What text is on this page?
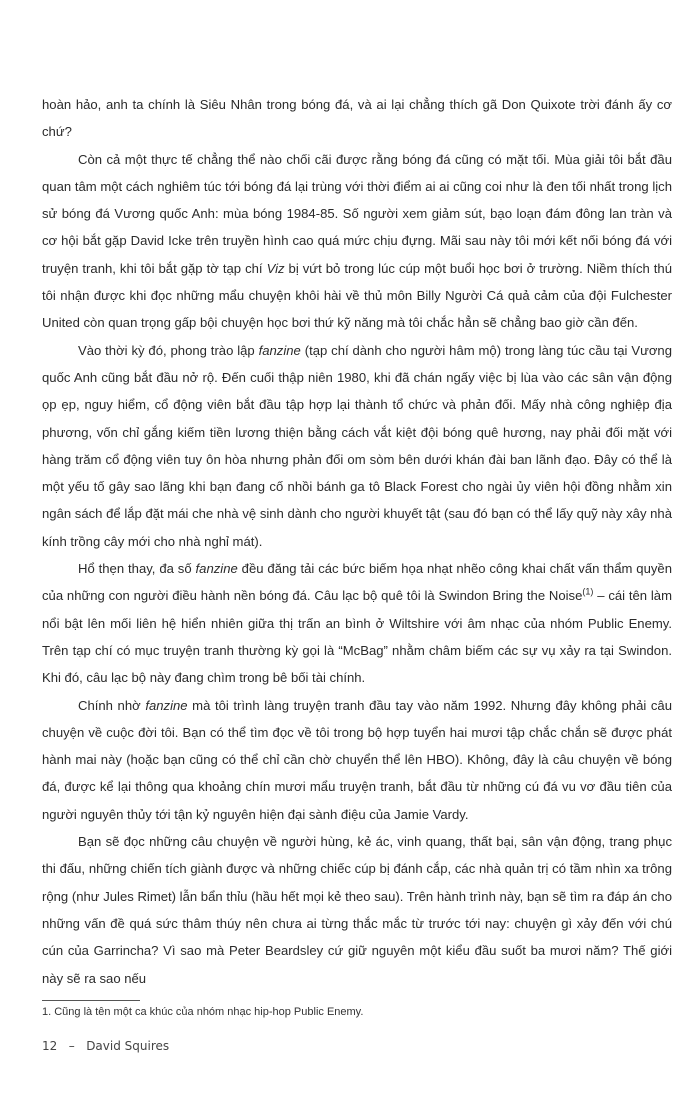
hoàn hảo, anh ta chính là Siêu Nhân trong bóng đá, và ai lại chẳng thích gã Don Quixote trời đánh ấy cơ chứ?

Còn cả một thực tế chẳng thể nào chối cãi được rằng bóng đá cũng có mặt tối. Mùa giải tôi bắt đầu quan tâm một cách nghiêm túc tới bóng đá lại trùng với thời điểm ai ai cũng coi như là đen tối nhất trong lịch sử bóng đá Vương quốc Anh: mùa bóng 1984-85. Số người xem giảm sút, bạo loạn đám đông lan tràn và cơ hội bắt gặp David Icke trên truyền hình cao quá mức chịu đựng. Mãi sau này tôi mới kết nối bóng đá với truyện tranh, khi tôi bắt gặp tờ tạp chí Viz bị vứt bỏ trong lúc cúp một buổi học bơi ở trường. Niềm thích thú tôi nhận được khi đọc những mẩu chuyện khôi hài về thủ môn Billy Người Cá quả cảm của đội Fulchester United còn quan trọng gấp bội chuyện học bơi thứ kỹ năng mà tôi chắc hẳn sẽ chẳng bao giờ cần đến.

Vào thời kỳ đó, phong trào lập fanzine (tạp chí dành cho người hâm mộ) trong làng túc cầu tại Vương quốc Anh cũng bắt đầu nở rộ. Đến cuối thập niên 1980, khi đã chán ngấy việc bị lùa vào các sân vận động ọp ẹp, nguy hiểm, cổ động viên bắt đầu tập hợp lại thành tổ chức và phản đối. Mấy nhà công nghiệp địa phương, vốn chỉ gắng kiếm tiền lương thiện bằng cách vắt kiệt đội bóng quê hương, nay phải đối mặt với hàng trăm cổ động viên tuy ôn hòa nhưng phản đối om sòm bên dưới khán đài ban lãnh đạo. Đây có thể là một yếu tố gây sao lãng khi bạn đang cố nhồi bánh ga tô Black Forest cho ngài ủy viên hội đồng nhằm xin ngân sách để lắp đặt mái che nhà vệ sinh dành cho người khuyết tật (sau đó bạn có thể lấy quỹ này xây nhà kính trồng cây mới cho nhà nghỉ mát).

Hổ thẹn thay, đa số fanzine đều đăng tải các bức biếm họa nhạt nhẽo công khai chất vấn thẩm quyền của những con người điều hành nền bóng đá. Câu lạc bộ quê tôi là Swindon Bring the Noise$^{(1)}$ – cái tên làm nổi bật lên mối liên hệ hiển nhiên giữa thị trấn an bình ở Wiltshire với âm nhạc của nhóm Public Enemy. Trên tạp chí có mục truyện tranh thường kỳ gọi là “McBag” nhằm châm biếm các sự vụ xảy ra tại Swindon. Khi đó, câu lạc bộ này đang chìm trong bê bối tài chính.

Chính nhờ fanzine mà tôi trình làng truyện tranh đầu tay vào năm 1992. Nhưng đây không phải câu chuyện về cuộc đời tôi. Bạn có thể tìm đọc về tôi trong bộ hợp tuyển hai mươi tập chắc chắn sẽ được phát hành mai này (hoặc bạn cũng có thể chỉ cần chờ chuyển thể lên HBO). Không, đây là câu chuyện về bóng đá, được kể lại thông qua khoảng chín mươi mẩu truyện tranh, bắt đầu từ những cú đá vu vơ đầu tiên của người nguyên thủy tới tận kỷ nguyên hiện đại sành điệu của Jamie Vardy.

Bạn sẽ đọc những câu chuyện về người hùng, kẻ ác, vinh quang, thất bại, sân vận động, trang phục thi đấu, những chiến tích giành được và những chiếc cúp bị đánh cắp, các nhà quản trị có tầm nhìn xa trông rộng (như Jules Rimet) lẫn bẩn thỉu (hầu hết mọi kẻ theo sau). Trên hành trình này, bạn sẽ tìm ra đáp án cho những vấn đề quá sức thâm thúy nên chưa ai từng thắc mắc từ trước tới nay: chuyện gì xảy đến với chú cún của Garrincha? Vì sao mà Peter Beardsley cứ giữ nguyên một kiểu đầu suốt ba mươi năm? Thế giới này sẽ ra sao nếu

1. Cũng là tên một ca khúc của nhóm nhạc hip-hop Public Enemy.
12 – David Squires
